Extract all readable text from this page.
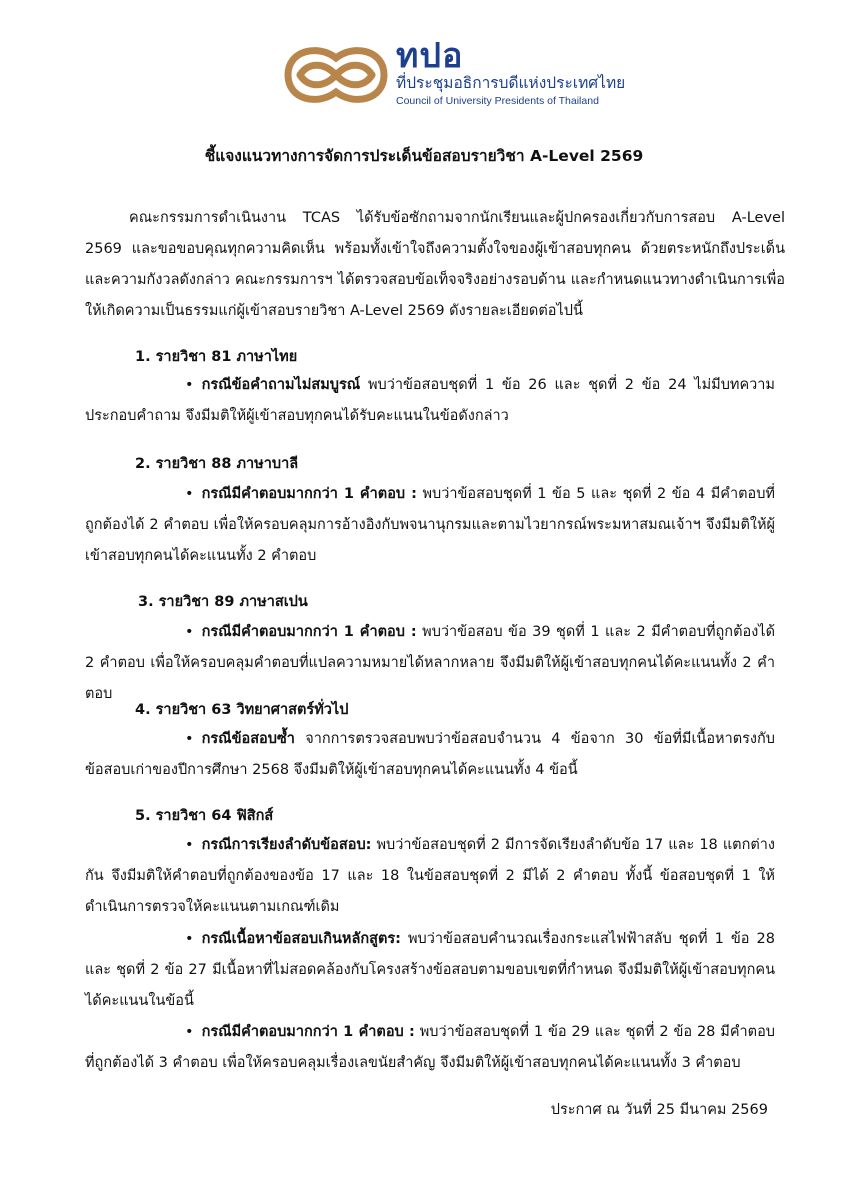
ทปอ
ที่ประชุมอธิการบดีแห่งประเทศไทย
Council of University Presidents of Thailand
ชี้แจงแนวทางการจัดการประเด็นข้อสอบรายวิชา A-Level 2569
คณะกรรมการดำเนินงาน TCAS ได้รับข้อซักถามจากนักเรียนและผู้ปกครองเกี่ยวกับการสอบ A-Level 2569 และขอขอบคุณทุกความคิดเห็น พร้อมทั้งเข้าใจถึงความตั้งใจของผู้เข้าสอบทุกคน ด้วยตระหนักถึงประเด็นและความกังวลดังกล่าว คณะกรรมการฯ ได้ตรวจสอบข้อเท็จจริงอย่างรอบด้าน และกำหนดแนวทางดำเนินการเพื่อให้เกิดความเป็นธรรมแก่ผู้เข้าสอบรายวิชา A-Level 2569 ดังรายละเอียดต่อไปนี้
1. รายวิชา 81 ภาษาไทย
• กรณีข้อคำถามไม่สมบูรณ์ พบว่าข้อสอบชุดที่ 1 ข้อ 26 และ ชุดที่ 2 ข้อ 24 ไม่มีบทความประกอบคำถาม จึงมีมติให้ผู้เข้าสอบทุกคนได้รับคะแนนในข้อดังกล่าว
2. รายวิชา 88 ภาษาบาลี
• กรณีมีคำตอบมากกว่า 1 คำตอบ : พบว่าข้อสอบชุดที่ 1 ข้อ 5 และ ชุดที่ 2 ข้อ 4 มีคำตอบที่ถูกต้องได้ 2 คำตอบ เพื่อให้ครอบคลุมการอ้างอิงกับพจนานุกรมและตามไวยากรณ์พระมหาสมณเจ้าฯ จึงมีมติให้ผู้เข้าสอบทุกคนได้คะแนนทั้ง 2 คำตอบ
3. รายวิชา 89 ภาษาสเปน
• กรณีมีคำตอบมากกว่า 1 คำตอบ : พบว่าข้อสอบ ข้อ 39 ชุดที่ 1 และ 2 มีคำตอบที่ถูกต้องได้ 2 คำตอบ เพื่อให้ครอบคลุมคำตอบที่แปลความหมายได้หลากหลาย จึงมีมติให้ผู้เข้าสอบทุกคนได้คะแนนทั้ง 2 คำตอบ
4. รายวิชา 63 วิทยาศาสตร์ทั่วไป
• กรณีข้อสอบซ้ำ จากการตรวจสอบพบว่าข้อสอบจำนวน 4 ข้อจาก 30 ข้อที่มีเนื้อหาตรงกับข้อสอบเก่าของปีการศึกษา 2568 จึงมีมติให้ผู้เข้าสอบทุกคนได้คะแนนทั้ง 4 ข้อนี้
5. รายวิชา 64 ฟิสิกส์
• กรณีการเรียงลำดับข้อสอบ: พบว่าข้อสอบชุดที่ 2 มีการจัดเรียงลำดับข้อ 17 และ 18 แตกต่างกัน จึงมีมติให้คำตอบที่ถูกต้องของข้อ 17 และ 18 ในข้อสอบชุดที่ 2 มีได้ 2 คำตอบ ทั้งนี้ ข้อสอบชุดที่ 1 ให้ดำเนินการตรวจให้คะแนนตามเกณฑ์เดิม
• กรณีเนื้อหาข้อสอบเกินหลักสูตร: พบว่าข้อสอบคำนวณเรื่องกระแสไฟฟ้าสลับ ชุดที่ 1 ข้อ 28 และ ชุดที่ 2 ข้อ 27 มีเนื้อหาที่ไม่สอดคล้องกับโครงสร้างข้อสอบตามขอบเขตที่กำหนด จึงมีมติให้ผู้เข้าสอบทุกคนได้คะแนนในข้อนี้
• กรณีมีคำตอบมากกว่า 1 คำตอบ : พบว่าข้อสอบชุดที่ 1 ข้อ 29 และ ชุดที่ 2 ข้อ 28 มีคำตอบที่ถูกต้องได้ 3 คำตอบ เพื่อให้ครอบคลุมเรื่องเลขนัยสำคัญ จึงมีมติให้ผู้เข้าสอบทุกคนได้คะแนนทั้ง 3 คำตอบ
ประกาศ ณ วันที่ 25 มีนาคม 2569
